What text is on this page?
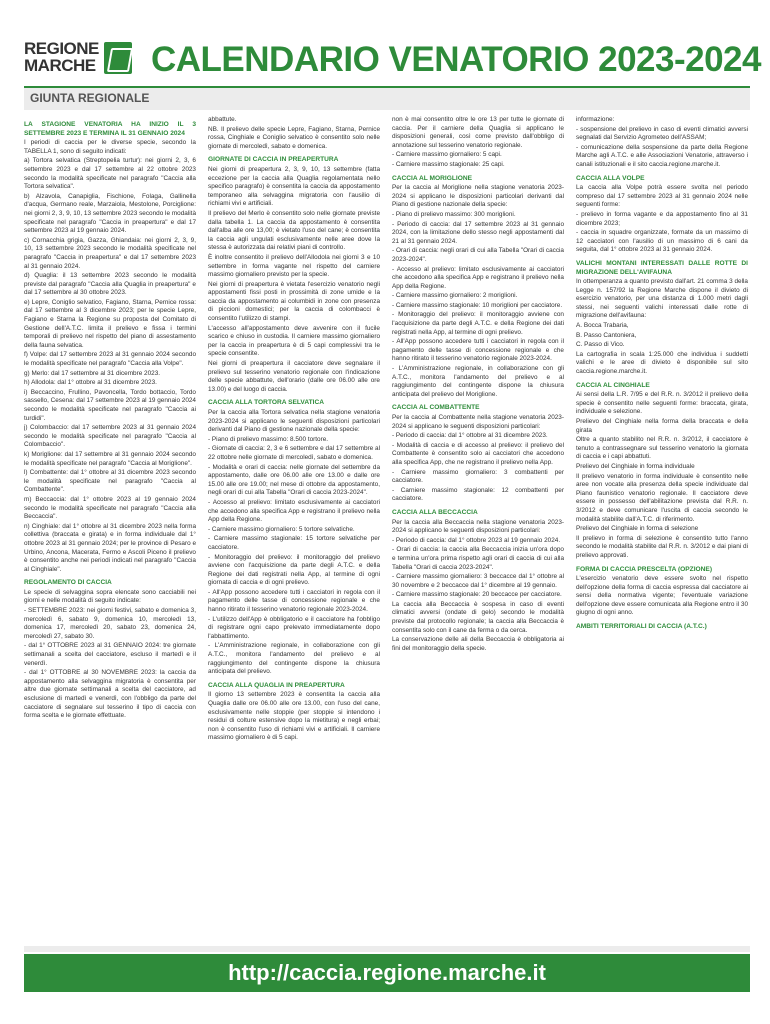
REGIONE
MARCHE CALENDARIO VENATORIO 2023-2024
GIUNTA REGIONALE
LA STAGIONE VENATORIA HA INIZIO IL 3 SETTEMBRE 2023 E TERMINA IL 31 GENNAIO 2024

I periodi di caccia per le diverse specie, secondo la TABELLA 1, sono di seguito indicati:

a) Tortora selvatica (Streptopelia turtur): nei giorni 2, 3, 6 settembre 2023 e dal 17 settembre al 22 ottobre 2023 secondo la modalità specificate nel paragrafo "Caccia alla Tortora selvatica".

b) Alzavola, Canapiglia, Fischione, Folaga, Gallinella d'acqua, Germano reale, Marzaiola, Mestolone, Porciglione: nei giorni 2, 3, 9, 10, 13 settembre 2023 secondo le modalità specificate nel paragrafo "Caccia in preapertura" e dal 17 settembre 2023 al 19 gennaio 2024.

c) Cornacchia grigia, Gazza, Ghiandaia: nei giorni 2, 3, 9, 10, 13 settembre 2023 secondo le modalità specificate nel paragrafo "Caccia in preapertura" e dal 17 settembre 2023 al 31 gennaio 2024.

d) Quaglia: il 13 settembre 2023 secondo le modalità previste dal paragrafo "Caccia alla Quaglia in preapertura" e dal 17 settembre al 30 ottobre 2023.

e) Lepre, Coniglio selvatico, Fagiano, Starna, Pernice rossa: dal 17 settembre al 3 dicembre 2023; per le specie Lepre, Fagiano e Starna la Regione su proposta del Comitato di Gestione dell'A.T.C. limita il prelievo e fissa i termini temporali di prelievo nel rispetto del piano di assestamento della fauna selvatica.

f) Volpe: dal 17 settembre 2023 al 31 gennaio 2024 secondo le modalità specificate nel paragrafo "Caccia alla Volpe".

g) Merlo: dal 17 settembre al 31 dicembre 2023.

h) Allodola: dal 1° ottobre al 31 dicembre 2023.

i) Beccaccino, Frullino, Pavoncella, Tordo bottaccio, Tordo sassello, Cesena: dal 17 settembre 2023 al 19 gennaio 2024 secondo le modalità specificate nel paragrafo "Caccia ai turdidi".

j) Colombaccio: dal 17 settembre 2023 al 31 gennaio 2024 secondo le modalità specificate nel paragrafo "Caccia al Colombaccio".

k) Moriglione: dal 17 settembre al 31 gennaio 2024 secondo le modalità specificate nel paragrafo "Caccia al Moriglione".

l) Combattente: dal 1° ottobre al 31 dicembre 2023 secondo le modalità specificate nel paragrafo "Caccia al Combattente".

m) Beccaccia: dal 1° ottobre 2023 al 19 gennaio 2024 secondo le modalità specificate nel paragrafo "Caccia alla Beccaccia".

n) Cinghiale: dal 1° ottobre al 31 dicembre 2023 nella forma collettiva (braccata e girata) e in forma individuale dal 1° ottobre 2023 al 31 gennaio 2024; per le province di Pesaro e Urbino, Ancona, Macerata, Fermo e Ascoli Piceno il prelievo è consentito anche nei periodi indicati nel paragrafo "Caccia al Cinghiale".

REGOLAMENTO DI CACCIA

Le specie di selvaggina sopra elencate sono cacciabili nei giorni e nelle modalità di seguito indicate:

- SETTEMBRE 2023: nei giorni festivi, sabato e domenica 3, mercoledì 6, sabato 9, domenica 10, mercoledì 13, domenica 17, mercoledì 20, sabato 23, domenica 24, mercoledì 27, sabato 30.

- dal 1° OTTOBRE 2023 al 31 GENNAIO 2024: tre giornate settimanali a scelta del cacciatore, escluso il martedì e il venerdì.

- dal 1° OTTOBRE al 30 NOVEMBRE 2023: la caccia da appostamento alla selvaggina migratoria è consentita per altre due giornate settimanali a scelta del cacciatore, ad esclusione di martedì e venerdì, con l'obbligo da parte del cacciatore di segnalare sul tesserino il tipo di caccia con forma scelta e le giornate effettuate.

abbattute.

NB. Il prelievo delle specie Lepre, Fagiano, Starna, Pernice rossa, Cinghiale e Coniglio selvatico è consentito solo nelle giornate di mercoledì, sabato e domenica.

GIORNATE DI CACCIA IN PREAPERTURA

Nei giorni di preapertura 2, 3, 9, 10, 13 settembre (fatta eccezione per la caccia alla Quaglia regolamentata nello specifico paragrafo) è consentita la caccia da appostamento temporaneo alla selvaggina migratoria con l'ausilio di richiami vivi e artificiali.

Il prelievo del Merlo è consentito solo nelle giornate previste dalla tabella 1. La caccia da appostamento è consentita dall'alba alle ore 13,00; è vietato l'uso del cane; è consentita la caccia agli ungulati esclusivamente nelle aree dove la stessa è autorizzata dai relativi piani di controllo.

È inoltre consentito il prelievo dell'Allodola nei giorni 3 e 10 settembre in forma vagante nel rispetto del carniere massimo giornaliero previsto per la specie.

Nei giorni di preapertura è vietata l'esercizio venatorio negli appostamenti fissi posti in prossimità di zone umide e la caccia da appostamento ai columbidi in zone con presenza di piccioni domestici; per la caccia di colombacci è consentito l'utilizzo di stampi.

L'accesso all'appostamento deve avvenire con il fucile scarico e chiuso in custodia. Il carniere massimo giornaliero per la caccia in preapertura è di 5 capi complessivi tra le specie consentite.

Nei giorni di preapertura il cacciatore deve segnalare il prelievo sul tesserino venatorio regionale con l'indicazione delle specie abbattute, dell'orario (dalle ore 06.00 alle ore 13.00) e del luogo di caccia.

CACCIA ALLA TORTORA SELVATICA

Per la caccia alla Tortora selvatica nella stagione venatoria 2023-2024 si applicano le seguenti disposizioni particolari derivanti dal Piano di gestione nazionale della specie:

- Piano di prelievo massimo: 8.500 tortore.

- Giornate di caccia: 2, 3 e 6 settembre e dal 17 settembre al 22 ottobre nelle giornate di mercoledì, sabato e domenica.

- Modalità e orari di caccia: nelle giornate del settembre da appostamento, dalle ore 06.00 alle ore 13.00 e dalle ore 15.00 alle ore 19.00; nel mese di ottobre da appostamento, negli orari di cui alla Tabella "Orari di caccia 2023-2024".

- Accesso al prelievo: limitato esclusivamente ai cacciatori che accedono alla specifica App e registrano il prelievo nella App della Regione.

- Carniere massimo giornaliero: 5 tortore selvatiche.

- Carniere massimo stagionale: 15 tortore selvatiche per cacciatore.

- Monitoraggio del prelievo: il monitoraggio del prelievo avviene con l'acquisizione da parte degli A.T.C. e della Regione dei dati registrati nella App, al termine di ogni giornata di caccia e di ogni prelievo.

- All'App possono accedere tutti i cacciatori in regola con il pagamento delle tasse di concessione regionale e che hanno ritirato il tesserino venatorio regionale 2023-2024.

- L'utilizzo dell'App è obbligatorio e il cacciatore ha l'obbligo di registrare ogni capo prelevato immediatamente dopo l'abbattimento.

- L'Amministrazione regionale, in collaborazione con gli A.T.C., monitora l'andamento del prelievo e al raggiungimento del contingente dispone la chiusura anticipata del prelievo.

CACCIA ALLA QUAGLIA IN PREAPERTURA

Il giorno 13 settembre 2023 è consentita la caccia alla Quaglia dalle ore 06.00 alle ore 13.00, con l'uso del cane, esclusivamente nelle stoppie (per stoppie si intendono i residui di colture estensive dopo la mietitura) e negli erbai; non è consentito l'uso di richiami vivi e artificiali. Il carniere massimo giornaliero è di 5 capi.

non è mai consentito oltre le ore 13 per tutte le giornate di caccia. Per il carniere della Quaglia si applicano le disposizioni generali, così come previsto dall'obbligo di annotazione sul tesserino venatorio regionale.

- Carniere massimo giornaliero: 5 capi.

- Carniere massimo stagionale: 25 capi.

CACCIA AL MORIGLIONE

Per la caccia al Moriglione nella stagione venatoria 2023-2024 si applicano le disposizioni particolari derivanti dal Piano di gestione nazionale della specie:

- Piano di prelievo massimo: 300 moriglioni.

- Periodo di caccia: dal 17 settembre 2023 al 31 gennaio 2024, con la limitazione dello stesso negli appostamenti dal 21 al 31 gennaio 2024.

- Orari di caccia: negli orari di cui alla Tabella "Orari di caccia 2023-2024".

- Accesso al prelievo: limitato esclusivamente ai cacciatori che accedono alla specifica App e registrano il prelievo nella App della Regione.

- Carniere massimo giornaliero: 2 moriglioni.

- Carniere massimo stagionale: 10 moriglioni per cacciatore.

- Monitoraggio del prelievo: il monitoraggio avviene con l'acquisizione da parte degli A.T.C. e della Regione dei dati registrati nella App, al termine di ogni prelievo.

- All'App possono accedere tutti i cacciatori in regola con il pagamento delle tasse di concessione regionale e che hanno ritirato il tesserino venatorio regionale 2023-2024.

- L'Amministrazione regionale, in collaborazione con gli A.T.C., monitora l'andamento del prelievo e al raggiungimento del contingente dispone la chiusura anticipata del prelievo del Moriglione.

CACCIA AL COMBATTENTE

Per la caccia al Combattente nella stagione venatoria 2023-2024 si applicano le seguenti disposizioni particolari:

- Periodo di caccia: dal 1° ottobre al 31 dicembre 2023.

- Modalità di caccia e di accesso al prelievo: il prelievo del Combattente è consentito solo ai cacciatori che accedono alla specifica App, che ne registrano il prelievo nella App.

- Carniere massimo giornaliero: 3 combattenti per cacciatore.

- Carniere massimo stagionale: 12 combattenti per cacciatore.

CACCIA ALLA BECCACCIA

Per la caccia alla Beccaccia nella stagione venatoria 2023-2024 si applicano le seguenti disposizioni particolari:

- Periodo di caccia: dal 1° ottobre 2023 al 19 gennaio 2024.

- Orari di caccia: la caccia alla Beccaccia inizia un'ora dopo e termina un'ora prima rispetto agli orari di caccia di cui alla Tabella "Orari di caccia 2023-2024".

- Carniere massimo giornaliero: 3 beccacce dal 1° ottobre al 30 novembre e 2 beccacce dal 1° dicembre al 19 gennaio.

- Carniere massimo stagionale: 20 beccacce per cacciatore.

La caccia alla Beccaccia è sospesa in caso di eventi climatici avversi (ondate di gelo) secondo le modalità previste dal protocollo regionale; la caccia alla Beccaccia è consentita solo con il cane da ferma o da cerca.

La conservazione delle ali della Beccaccia è obbligatoria ai fini del monitoraggio della specie.

informazione:

- sospensione del prelievo in caso di eventi climatici avversi segnalati dal Servizio Agrometeo dell'ASSAM;

- comunicazione della sospensione da parte della Regione Marche agli A.T.C. e alle Associazioni Venatorie, attraverso i canali istituzionali e il sito caccia.regione.marche.it.

CACCIA ALLA VOLPE

La caccia alla Volpe potrà essere svolta nel periodo compreso dal 17 settembre 2023 al 31 gennaio 2024 nelle seguenti forme:

- prelievo in forma vagante e da appostamento fino al 31 dicembre 2023;

- caccia in squadre organizzate, formate da un massimo di 12 cacciatori con l'ausilio di un massimo di 6 cani da seguita, dal 1° ottobre 2023 al 31 gennaio 2024.

VALICHI MONTANI INTERESSATI DALLE ROTTE DI MIGRAZIONE DELL'AVIFAUNA

In ottemperanza a quanto previsto dall'art. 21 comma 3 della Legge n. 157/92 la Regione Marche dispone il divieto di esercizio venatorio, per una distanza di 1.000 metri dagli stessi, nei seguenti valichi interessati dalle rotte di migrazione dell'avifauna:

A. Bocca Trabaria,

B. Passo Cantoniera,

C. Passo di Vico.

La cartografia in scala 1:25.000 che individua i suddetti valichi e le aree di divieto è disponibile sul sito caccia.regione.marche.it.

CACCIA AL CINGHIALE

Ai sensi della L.R. 7/95 e del R.R. n. 3/2012 il prelievo della specie è consentito nelle seguenti forme: braccata, girata, individuale e selezione.

Prelievo del Cinghiale nella forma della braccata e della girata

Oltre a quanto stabilito nel R.R. n. 3/2012, il cacciatore è tenuto a contrassegnare sul tesserino venatorio la giornata di caccia e i capi abbattuti.

Prelievo del Cinghiale in forma individuale

Il prelievo venatorio in forma individuale è consentito nelle aree non vocate alla presenza della specie individuate dal Piano faunistico venatorio regionale. Il cacciatore deve essere in possesso dell'abilitazione prevista dal R.R. n. 3/2012 e deve comunicare l'uscita di caccia secondo le modalità stabilite dall'A.T.C. di riferimento.

Prelievo del Cinghiale in forma di selezione

Il prelievo in forma di selezione è consentito tutto l'anno secondo le modalità stabilite dal R.R. n. 3/2012 e dai piani di prelievo approvati.

FORMA DI CACCIA PRESCELTA (OPZIONE)

L'esercizio venatorio deve essere svolto nel rispetto dell'opzione della forma di caccia espressa dal cacciatore ai sensi della normativa vigente; l'eventuale variazione dell'opzione deve essere comunicata alla Regione entro il 30 giugno di ogni anno.

AMBITI TERRITORIALI DI CACCIA (A.T.C.)
http://caccia.regione.marche.it
